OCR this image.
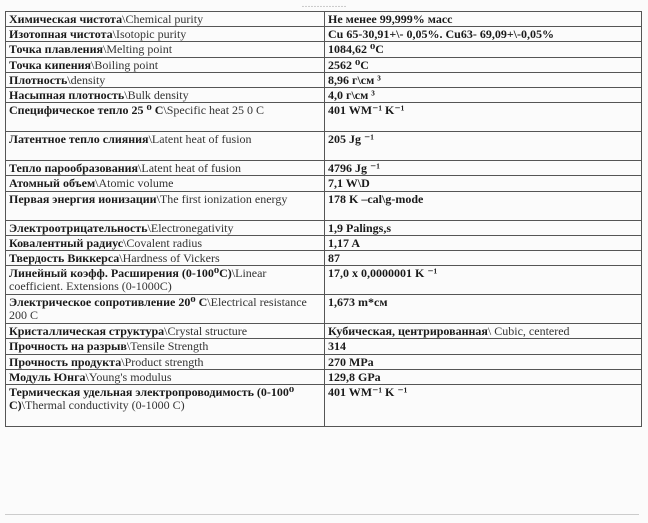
……………
Химическая чистота\Chemical purity	Не менее 99,999% масс
Изотопная чистота\Isotopic purity	Cu 65-30,91+\- 0,05%. Cu63- 69,09+\-0,05%
Точка плавления\Melting point	1084,62 ⁰C
Точка кипения\Boiling point	2562 ⁰C
Плотность\density	8,96 г\см ³
Насыпная плотность\Bulk density	4,0 г\см ³
Специфическое тепло 25 ⁰ C\Specific heat 25 0 C	401 WM⁻¹ K⁻¹
Латентное тепло слияния\Latent heat of fusion	205 Jg ⁻¹
Тепло парообразования\Latent heat of fusion	4796 Jg ⁻¹
Атомный объем\Atomic volume	7,1 W\D
Первая энергия ионизации\The first ionization energy	178 K –cal\g-mode
Электроотрицательность\Electronegativity	1,9 Palings,s
Ковалентный радиус\Covalent radius	1,17 A
Твердость Виккерса\Hardness of Vickers	87
Линейный коэфф. Расширения (0-100⁰C)\Linear coefficient. Extensions (0-1000C)	17,0 x 0,0000001 K ⁻¹
Электрическое сопротивление 20⁰ C\Electrical resistance 200 C	1,673 m*см
Кристаллическая структура\Crystal structure	Кубическая, центрированная\ Cubic, centered
Прочность на разрыв\Tensile Strength	314
Прочность продукта\Product strength	270 MPa
Модуль Юнга\Young's modulus	129,8 GPa
Термическая удельная электропроводимость (0-100⁰ C)\Thermal conductivity (0-1000 C)	401 WM⁻¹ K ⁻¹
